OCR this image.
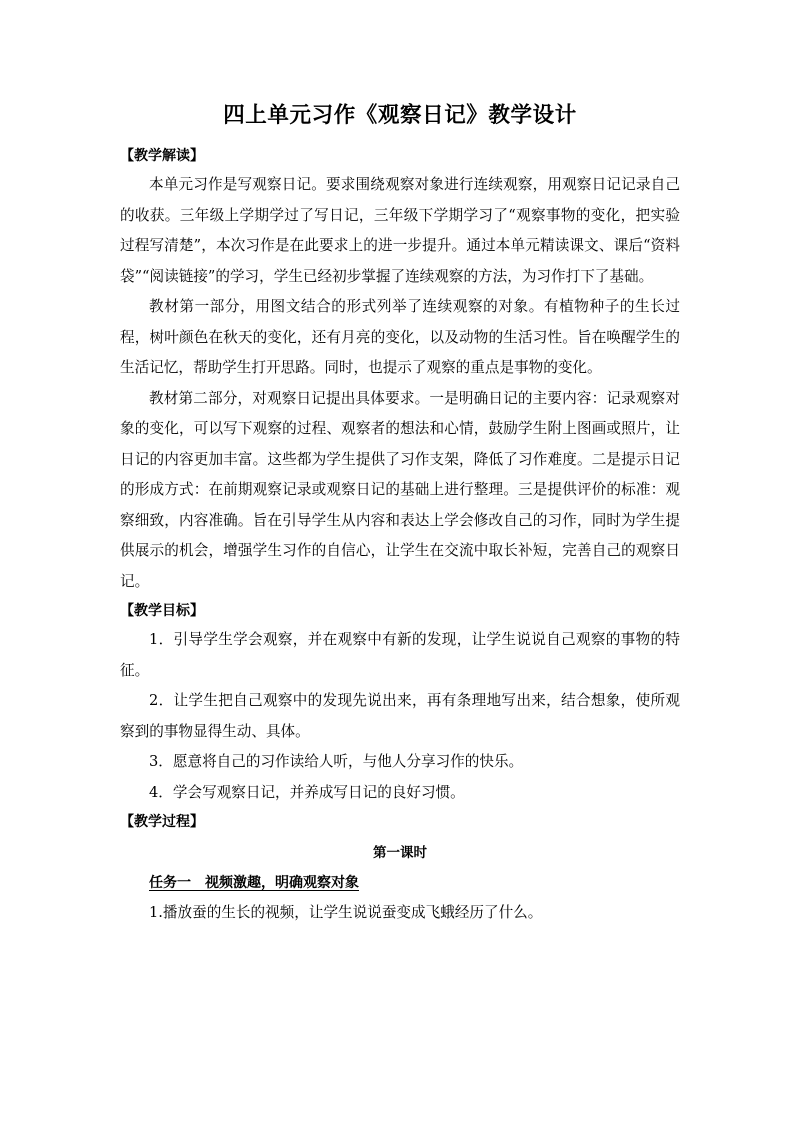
四上单元习作《观察日记》教学设计
【教学解读】

本单元习作是写观察日记。要求围绕观察对象进行连续观察，用观察日记记录自己的收获。三年级上学期学过了写日记，三年级下学期学习了“观察事物的变化，把实验过程写清楚”，本次习作是在此要求上的进一步提升。通过本单元精读课文、课后“资料袋”“阅读链接”的学习，学生已经初步掌握了连续观察的方法，为习作打下了基础。

教材第一部分，用图文结合的形式列举了连续观察的对象。有植物种子的生长过程，树叶颜色在秋天的变化，还有月亮的变化，以及动物的生活习性。旨在唤醒学生的生活记忆，帮助学生打开思路。同时，也提示了观察的重点是事物的变化。

教材第二部分，对观察日记提出具体要求。一是明确日记的主要内容：记录观察对象的变化，可以写下观察的过程、观察者的想法和心情，鼓励学生附上图画或照片，让日记的内容更加丰富。这些都为学生提供了习作支架，降低了习作难度。二是提示日记的形成方式：在前期观察记录或观察日记的基础上进行整理。三是提供评价的标准：观察细致，内容准确。旨在引导学生从内容和表达上学会修改自己的习作，同时为学生提供展示的机会，增强学生习作的自信心，让学生在交流中取长补短，完善自己的观察日记。

【教学目标】

1．引导学生学会观察，并在观察中有新的发现，让学生说说自己观察的事物的特征。

2．让学生把自己观察中的发现先说出来，再有条理地写出来，结合想象，使所观察到的事物显得生动、具体。

3．愿意将自己的习作读给人听，与他人分享习作的快乐。

4．学会写观察日记，并养成写日记的良好习惯。

【教学过程】
第一课时
任务一　 视频激趣，明确观察对象

1.播放蚕的生长的视频，让学生说说蚕变成飞蛾经历了什么。
